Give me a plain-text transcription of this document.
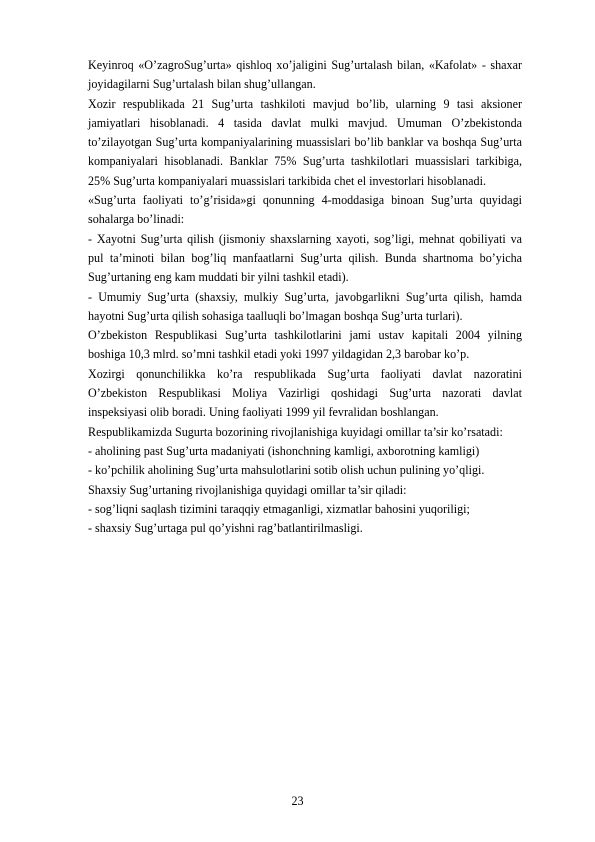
Keyinroq «O’zagroSug’urta» qishloq xo’jaligini Sug’urtalash bilan, «Kafolat» - shaxar joyidagilarni Sug’urtalash bilan shug’ullangan.

Xozir respublikada 21 Sug’urta tashkiloti mavjud bo’lib, ularning 9 tasi aksioner jamiyatlari hisoblanadi. 4 tasida davlat mulki mavjud. Umuman O’zbekistonda to’zilayotgan Sug’urta kompaniyalarining muassislari bo’lib banklar va boshqa Sug’urta kompaniyalari hisoblanadi. Banklar 75% Sug’urta tashkilotlari muassislari tarkibiga, 25% Sug’urta kompaniyalari muassislari tarkibida chet el investorlari hisoblanadi.

«Sug’urta faoliyati to’g’risida»gi qonunning 4-moddasiga binoan Sug’urta quyidagi sohalarga bo’linadi:

- Xayotni Sug’urta qilish (jismoniy shaxslarning xayoti, sog’ligi, mehnat qobiliyati va pul ta’minoti bilan bog’liq manfaatlarni Sug’urta qilish. Bunda shartnoma bo’yicha Sug’urtaning eng kam muddati bir yilni tashkil etadi).

- Umumiy Sug’urta (shaxsiy, mulkiy Sug’urta, javobgarlikni Sug’urta qilish, hamda hayotni Sug’urta qilish sohasiga taalluqli bo’lmagan boshqa Sug’urta turlari).

O’zbekiston Respublikasi Sug’urta tashkilotlarini jami ustav kapitali 2004 yilning boshiga 10,3 mlrd. so’mni tashkil etadi yoki 1997 yildagidan 2,3 barobar ko’p.

Xozirgi qonunchilikka ko’ra respublikada Sug’urta faoliyati davlat nazoratini O’zbekiston Respublikasi Moliya Vazirligi qoshidagi Sug’urta nazorati davlat inspeksiyasi olib boradi. Uning faoliyati 1999 yil fevralidan boshlangan.

Respublikamizda Sugurta bozorining rivojlanishiga kuyidagi omillar ta’sir ko’rsatadi:

- aholining past Sug’urta madaniyati (ishonchning kamligi, axborotning kamligi)

- ko’pchilik aholining Sug’urta mahsulotlarini sotib olish uchun pulining yo’qligi.

Shaxsiy Sug’urtaning rivojlanishiga quyidagi omillar ta’sir qiladi:

- sog’liqni saqlash tizimini taraqqiy etmaganligi, xizmatlar bahosini yuqoriligi;

- shaxsiy Sug’urtaga pul qo’yishni rag’batlantirilmasligi.

23
